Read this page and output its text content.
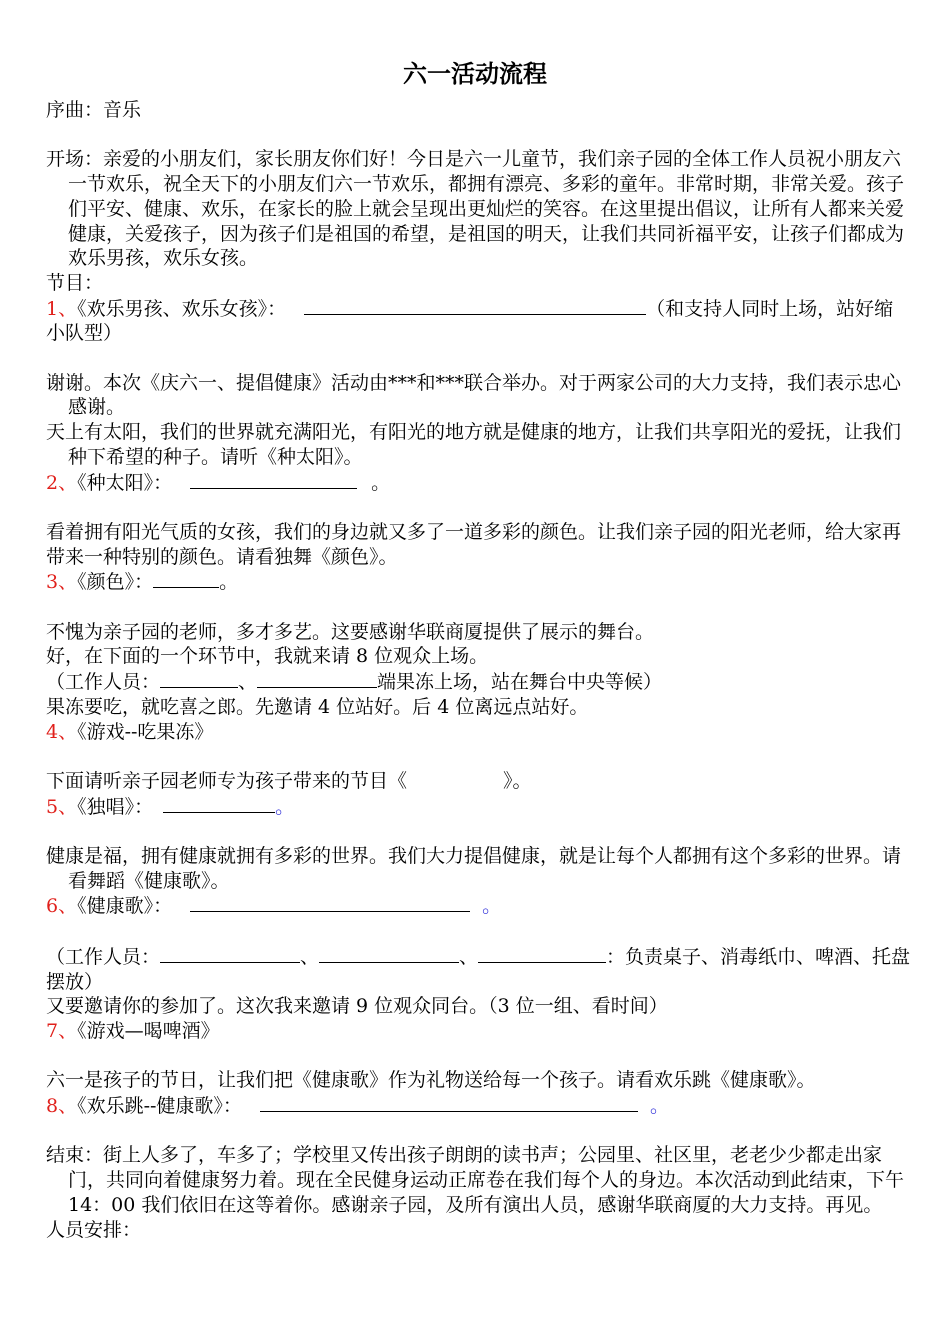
六一活动流程

序曲：音乐

开场：亲爱的小朋友们，家长朋友你们好！今日是六一儿童节，我们亲子园的全体工作人员祝小朋友六一节欢乐，祝全天下的小朋友们六一节欢乐，都拥有漂亮、多彩的童年。非常时期，非常关爱。孩子们平安、健康、欢乐，在家长的脸上就会呈现出更灿烂的笑容。在这里提出倡议，让所有人都来关爱健康，关爱孩子，因为孩子们是祖国的希望，是祖国的明天，让我们共同祈福平安，让孩子们都成为欢乐男孩，欢乐女孩。

节目：

1、《欢乐男孩、欢乐女孩》：	（和支持人同时上场，站好缩小队型）

谢谢。本次《庆六一、提倡健康》活动由***和***联合举办。对于两家公司的大力支持，我们表示忠心感谢。

天上有太阳，我们的世界就充满阳光，有阳光的地方就是健康的地方，让我们共享阳光的爱抚，让我们种下希望的种子。请听《种太阳》。

2、《种太阳》：	。

看着拥有阳光气质的女孩，我们的身边就又多了一道多彩的颜色。让我们亲子园的阳光老师，给大家再带来一种特别的颜色。请看独舞《颜色》。

3、《颜色》：	。

不愧为亲子园的老师，多才多艺。这要感谢华联商厦提供了展示的舞台。

好，在下面的一个环节中，我就来请 8 位观众上场。

（工作人员：	、	端果冻上场，站在舞台中央等候）

果冻要吃，就吃喜之郎。先邀请 4 位站好。后 4 位离远点站好。

4、《游戏--吃果冻》

下面请听亲子园老师专为孩子带来的节目《	》。

5、《独唱》：	。

健康是福，拥有健康就拥有多彩的世界。我们大力提倡健康，就是让每个人都拥有这个多彩的世界。请看舞蹈《健康歌》。

6、《健康歌》：	。

（工作人员：	、	、	：负责桌子、消毒纸巾、啤酒、托盘摆放）

又要邀请你的参加了。这次我来邀请 9 位观众同台。（3 位一组、看时间）

7、《游戏—喝啤酒》

六一是孩子的节日，让我们把《健康歌》作为礼物送给每一个孩子。请看欢乐跳《健康歌》。

8、《欢乐跳--健康歌》：	。

结束：街上人多了，车多了；学校里又传出孩子朗朗的读书声；公园里、社区里，老老少少都走出家门，共同向着健康努力着。现在全民健身运动正席卷在我们每个人的身边。本次活动到此结束，下午 14：00 我们依旧在这等着你。感谢亲子园，及所有演出人员，感谢华联商厦的大力支持。再见。

人员安排：
